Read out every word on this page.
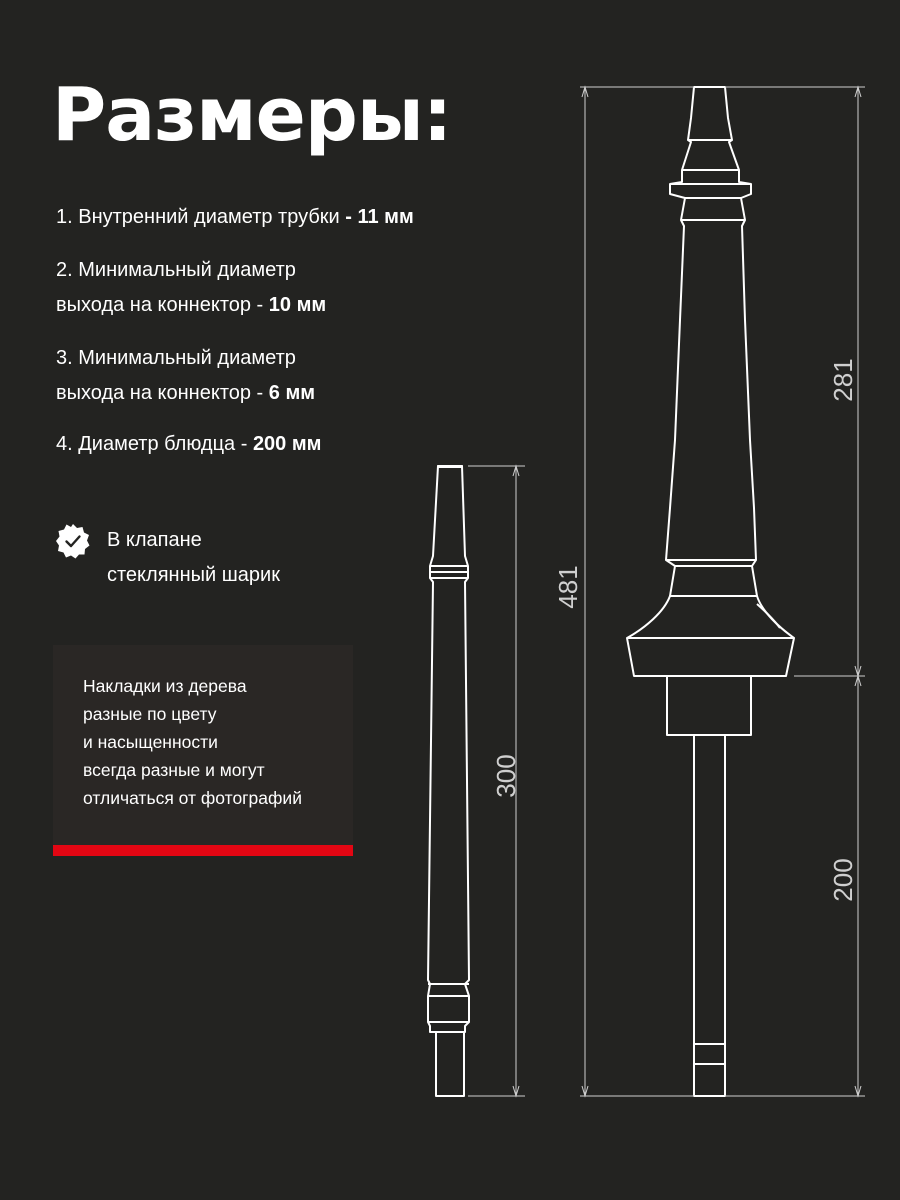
Размеры:
1. Внутренний диаметр трубки - 11 мм
2. Минимальный диаметр
выхода на коннектор - 10 мм
3. Минимальный диаметр
выхода на коннектор - 6 мм
4. Диаметр блюдца - 200 мм
В клапане
стеклянный шарик
Накладки из дерева
разные по цвету
и насыщенности
всегда разные и могут
отличаться от фотографий
300
481
281
200
